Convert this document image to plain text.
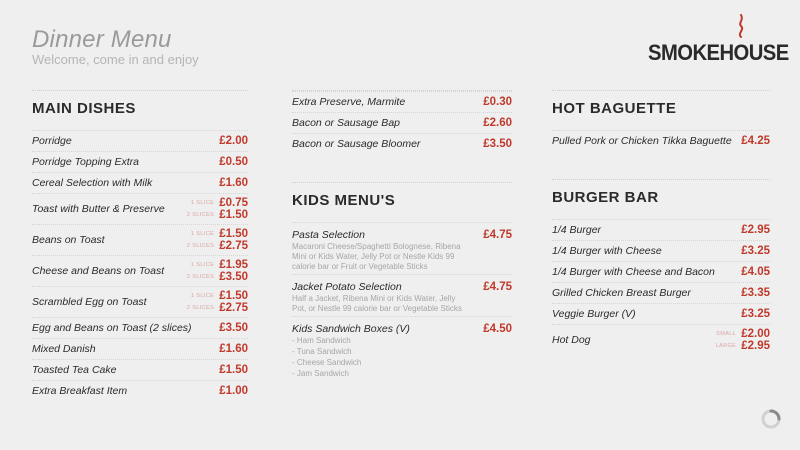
Dinner Menu
Welcome, come in and enjoy	SMOKEHOUSE
MAIN DISHES
Porridge	£2.00
Porridge Topping Extra	£0.50
Cereal Selection with Milk	£1.60
Toast with Butter & Preserve	1 SLICE £0.75
2 SLICES £1.50
Beans on Toast	1 SLICE £1.50
2 SLICES £2.75
Cheese and Beans on Toast	1 SLICE £1.95
2 SLICES £3.50
Scrambled Egg on Toast	1 SLICE £1.50
2 SLICES £2.75
Egg and Beans on Toast (2 slices)	£3.50
Mixed Danish	£1.60
Toasted Tea Cake	£1.50
Extra Breakfast Item	£1.00
Extra Preserve, Marmite	£0.30
Bacon or Sausage Bap	£2.60
Bacon or Sausage Bloomer	£3.50
KIDS MENU'S
Pasta Selection	£4.75
Macaroni Cheese/Spaghetti Bolognese, Ribena Mini or Kids Water, Jelly Pot or Nestle Kids 99 calorie bar or Fruit or Vegetable Sticks
Jacket Potato Selection	£4.75
Half a Jacket, Ribena Mini or Kids Water, Jelly Pot, or Nestle 99 calorie bar or Vegetable Sticks
Kids Sandwich Boxes (V)	£4.50
- Ham Sandwich
- Tuna Sandwich
- Cheese Sandwich
- Jam Sandwich
HOT BAGUETTE
Pulled Pork or Chicken Tikka Baguette £4.25
BURGER BAR
1/4 Burger	£2.95
1/4 Burger with Cheese	£3.25
1/4 Burger with Cheese and Bacon	£4.05
Grilled Chicken Breast Burger	£3.35
Veggie Burger (V)	£3.25
Hot Dog	SMALL £2.00
LARGE £2.95
